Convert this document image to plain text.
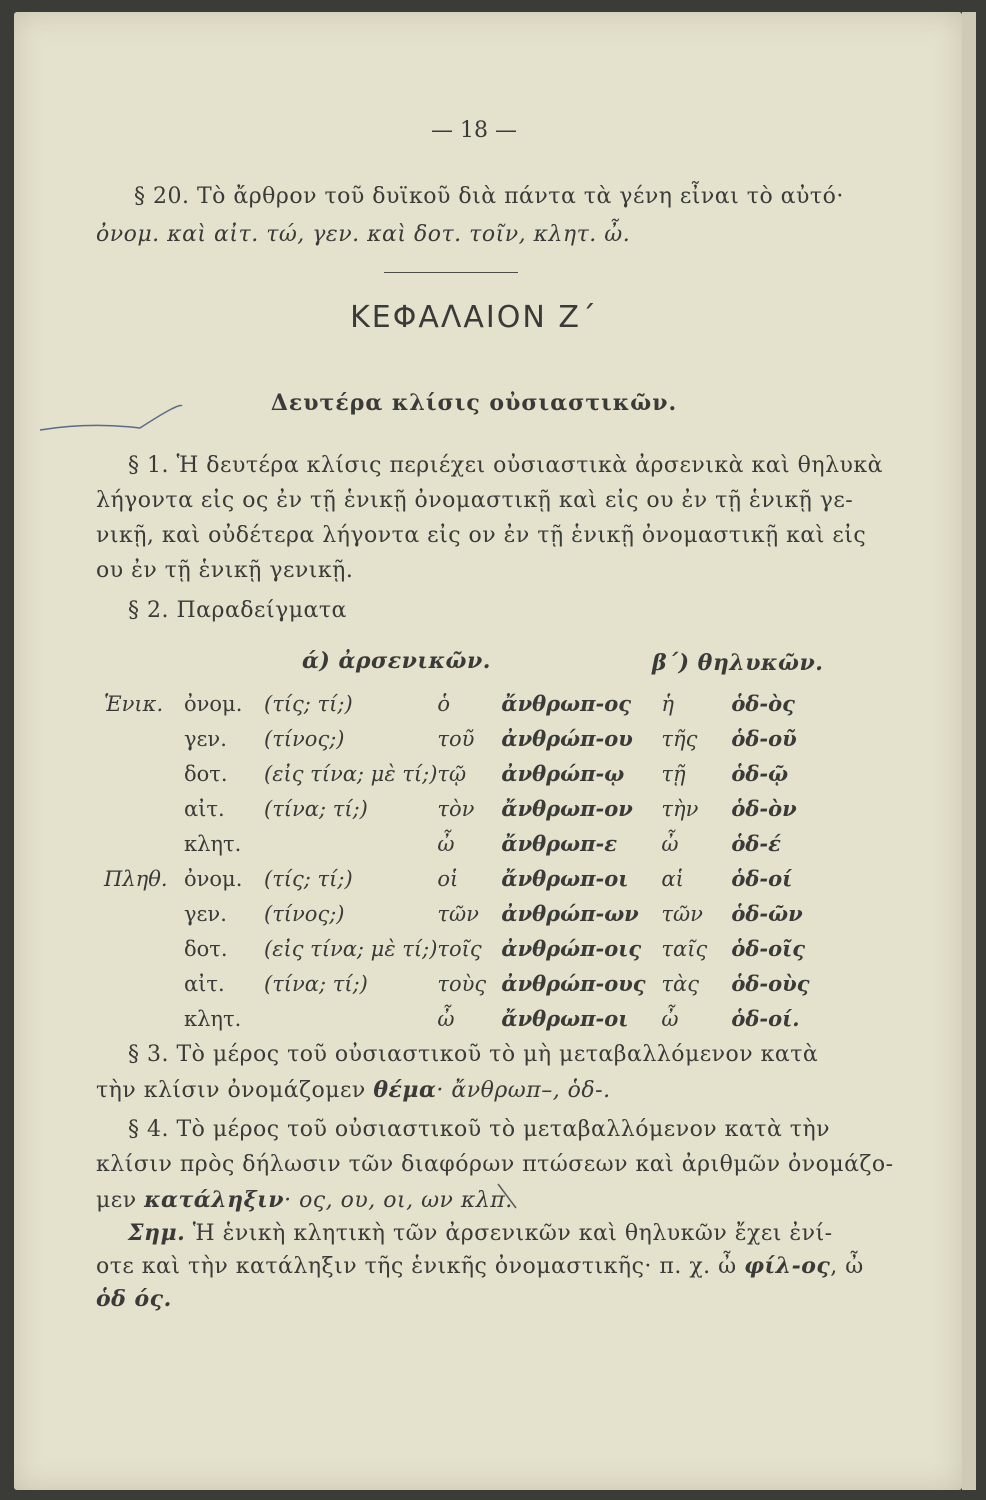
— 18 —
§ 20. Τὸ ἄρθρον τοῦ δυϊκοῦ διὰ πάντα τὰ γένη εἶναι τὸ αὐτό·
ὀνομ. καὶ αἰτ. τώ, γεν. καὶ δοτ. τοῖν, κλητ. ὦ.
ΚΕΦΑΛΑΙΟΝ Ζ΄
Δευτέρα κλίσις οὐσιαστικῶν.
§ 1. Ἡ δευτέρα κλίσις περιέχει οὐσιαστικὰ ἀρσενικὰ καὶ θηλυκὰ
λήγοντα εἰς ος ἐν τῇ ἑνικῇ ὀνομαστικῇ καὶ εἰς ου ἐν τῇ ἑνικῇ γε-
νικῇ, καὶ οὐδέτερα λήγοντα εἰς ον ἐν τῇ ἑνικῇ ὀνομαστικῇ καὶ εἰς
ου ἐν τῇ ἑνικῇ γενικῇ.
§ 2. Παραδείγματα
ά) ἀρσενικῶν.	β΄) θηλυκῶν.
Ἑνικ.	ὀνομ.	(τίς; τί;)	ὁ	ἄνθρωπ-ος	ἡ	ὁδ-ὸς
	γεν.	(τίνος;)	τοῦ	ἀνθρώπ-ου	τῆς	ὁδ-οῦ
	δοτ.	(εἰς τίνα; μὲ τί;)	τῷ	ἀνθρώπ-ῳ	τῇ	ὁδ-ῷ
	αἰτ.	(τίνα; τί;)	τὸν	ἄνθρωπ-ον	τὴν	ὁδ-ὸν
	κλητ.		ὦ	ἄνθρωπ-ε	ὦ	ὁδ-έ
Πληθ.	ὀνομ.	(τίς; τί;)	οἱ	ἄνθρωπ-οι	αἱ	ὁδ-οί
	γεν.	(τίνος;)	τῶν	ἀνθρώπ-ων	τῶν	ὁδ-ῶν
	δοτ.	(εἰς τίνα; μὲ τί;)	τοῖς	ἀνθρώπ-οις	ταῖς	ὁδ-οῖς
	αἰτ.	(τίνα; τί;)	τοὺς	ἀνθρώπ-ους	τὰς	ὁδ-οὺς
	κλητ.		ὦ	ἄνθρωπ-οι	ὦ	ὁδ-οί.
§ 3. Τὸ μέρος τοῦ οὐσιαστικοῦ τὸ μὴ μεταβαλλόμενον κατὰ
τὴν κλίσιν ὀνομάζομεν θέμα· ἄνθρωπ–, ὁδ-.
§ 4. Τὸ μέρος τοῦ οὐσιαστικοῦ τὸ μεταβαλλόμενον κατὰ τὴν
κλίσιν πρὸς δήλωσιν τῶν διαφόρων πτώσεων καὶ ἀριθμῶν ὀνομάζο-
μεν κατάληξιν· ος, ου, οι, ων κλπ.
Σημ. Ἡ ἑνικὴ κλητικὴ τῶν ἀρσενικῶν καὶ θηλυκῶν ἔχει ἐνί-
οτε καὶ τὴν κατάληξιν τῆς ἑνικῆς ὀνομαστικῆς· π. χ. ὦ φίλ-ος, ὦ
ὁδ ός.
